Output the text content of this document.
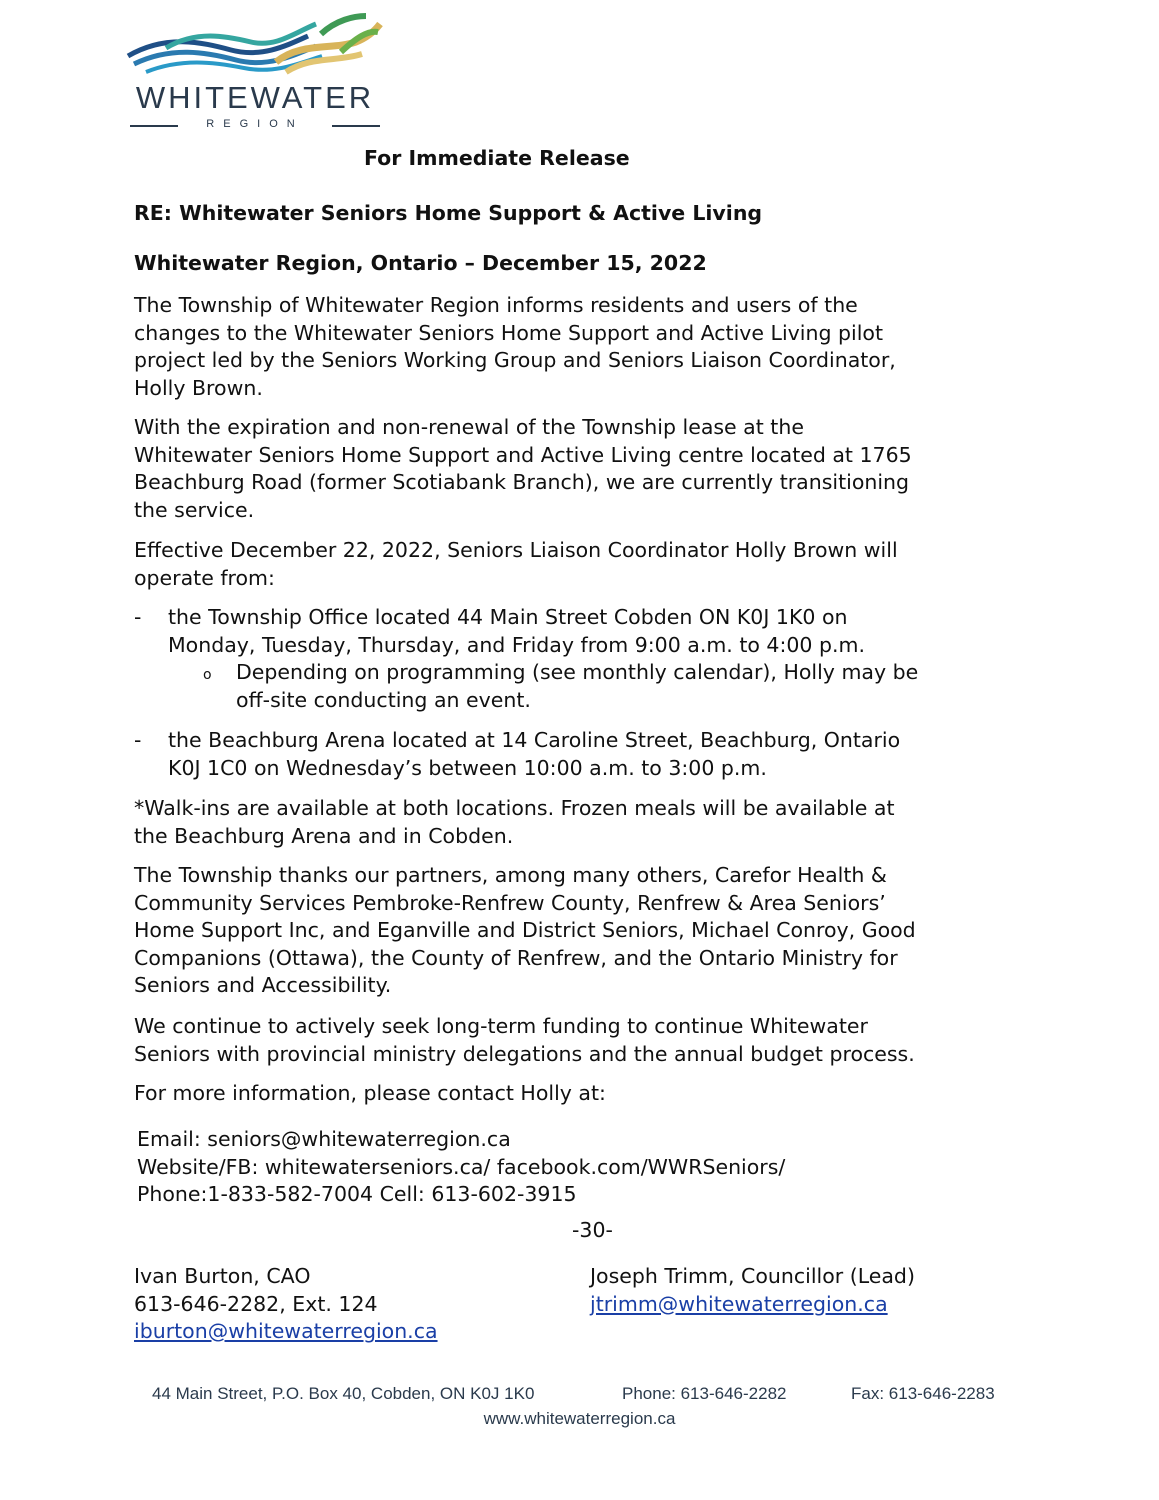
WHITEWATER
REGION
For Immediate Release
RE: Whitewater Seniors Home Support & Active Living
Whitewater Region, Ontario – December 15, 2022

The Township of Whitewater Region informs residents and users of the
changes to the Whitewater Seniors Home Support and Active Living pilot
project led by the Seniors Working Group and Seniors Liaison Coordinator,
Holly Brown.

With the expiration and non-renewal of the Township lease at the
Whitewater Seniors Home Support and Active Living centre located at 1765
Beachburg Road (former Scotiabank Branch), we are currently transitioning
the service.

Effective December 22, 2022, Seniors Liaison Coordinator Holly Brown will
operate from:

- the Township Office located 44 Main Street Cobden ON K0J 1K0 on
Monday, Tuesday, Thursday, and Friday from 9:00 a.m. to 4:00 p.m.
o Depending on programming (see monthly calendar), Holly may be
off-site conducting an event.
- the Beachburg Arena located at 14 Caroline Street, Beachburg, Ontario
K0J 1C0 on Wednesday’s between 10:00 a.m. to 3:00 p.m.

*Walk-ins are available at both locations. Frozen meals will be available at
the Beachburg Arena and in Cobden.

The Township thanks our partners, among many others, Carefor Health &
Community Services Pembroke-Renfrew County, Renfrew & Area Seniors’
Home Support Inc, and Eganville and District Seniors, Michael Conroy, Good
Companions (Ottawa), the County of Renfrew, and the Ontario Ministry for
Seniors and Accessibility.

We continue to actively seek long-term funding to continue Whitewater
Seniors with provincial ministry delegations and the annual budget process.

For more information, please contact Holly at:

Email: seniors@whitewaterregion.ca
Website/FB: whitewaterseniors.ca/ facebook.com/WWRSeniors/
Phone:1-833-582-7004 Cell: 613-602-3915
-30-
Ivan Burton, CAO
613-646-2282, Ext. 124
iburton@whitewaterregion.ca
Joseph Trimm, Councillor (Lead)
jtrimm@whitewaterregion.ca
44 Main Street, P.O. Box 40, Cobden, ON K0J 1K0	Phone: 613-646-2282	Fax: 613-646-2283
www.whitewaterregion.ca
